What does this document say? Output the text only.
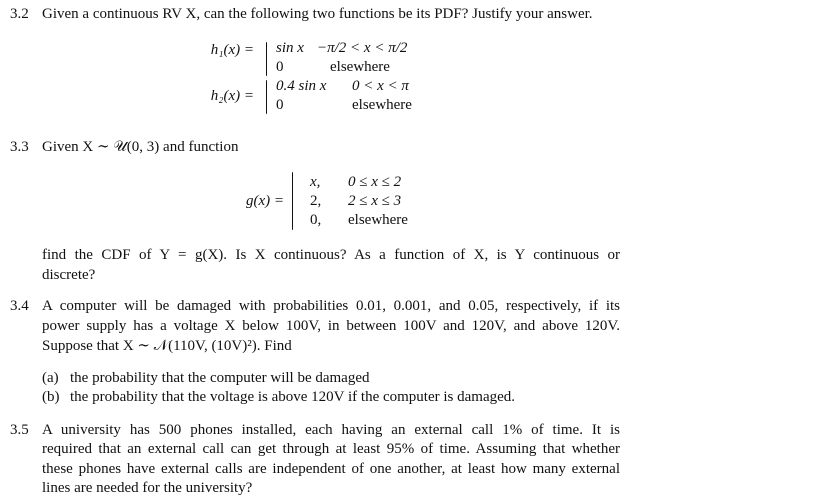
3.2 Given a continuous RV X, can the following two functions be its PDF? Justify your answer.
h₁(x) = sin x −π/2 < x < π/2
0	elsewhere
h₂(x) =
0.4 sin x 0 < x < π
0	elsewhere
3.3 Given X ∼ 𝒰(0, 3) and function
g(x) =
x, 0 ≤ x ≤ 2
2, 2 ≤ x ≤ 3
0, elsewhere
find the CDF of Y = g(X). Is X continuous? As a function of X, is Y continuous or
discrete?
3.4 A computer will be damaged with probabilities 0.01, 0.001, and 0.05, respectively, if its
power supply has a voltage X below 100V, in between 100V and 120V, and above 120V.
Suppose that X ∼ 𝒩(110V, (10V)²). Find
(a) the probability that the computer will be damaged
(b) the probability that the voltage is above 120V if the computer is damaged.
3.5 A university has 500 phones installed, each having an external call 1% of time. It is
required that an external call can get through at least 95% of time. Assuming that whether
these phones have external calls are independent of one another, at least how many external
lines are needed for the university?
